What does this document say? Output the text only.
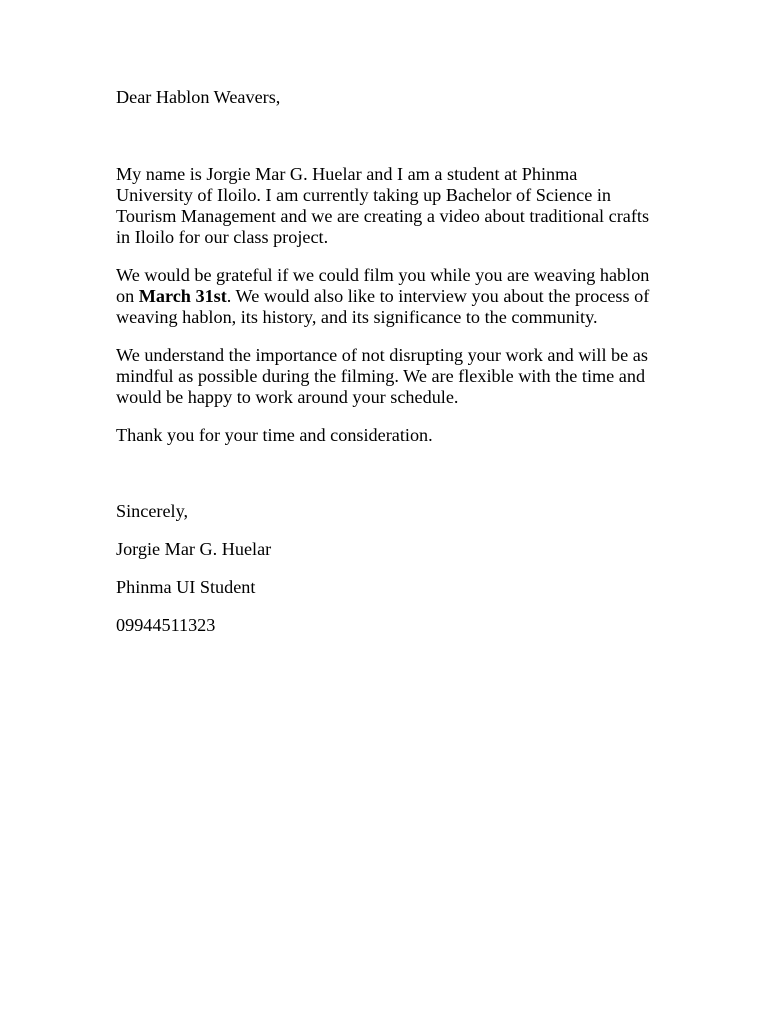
Dear Hablon Weavers,

My name is Jorgie Mar G. Huelar and I am a student at Phinma University of Iloilo. I am currently taking up Bachelor of Science in Tourism Management and we are creating a video about traditional crafts in Iloilo for our class project.

We would be grateful if we could film you while you are weaving hablon on March 31st. We would also like to interview you about the process of weaving hablon, its history, and its significance to the community.

We understand the importance of not disrupting your work and will be as mindful as possible during the filming. We are flexible with the time and would be happy to work around your schedule.

Thank you for your time and consideration.

Sincerely,

Jorgie Mar G. Huelar

Phinma UI Student

09944511323
